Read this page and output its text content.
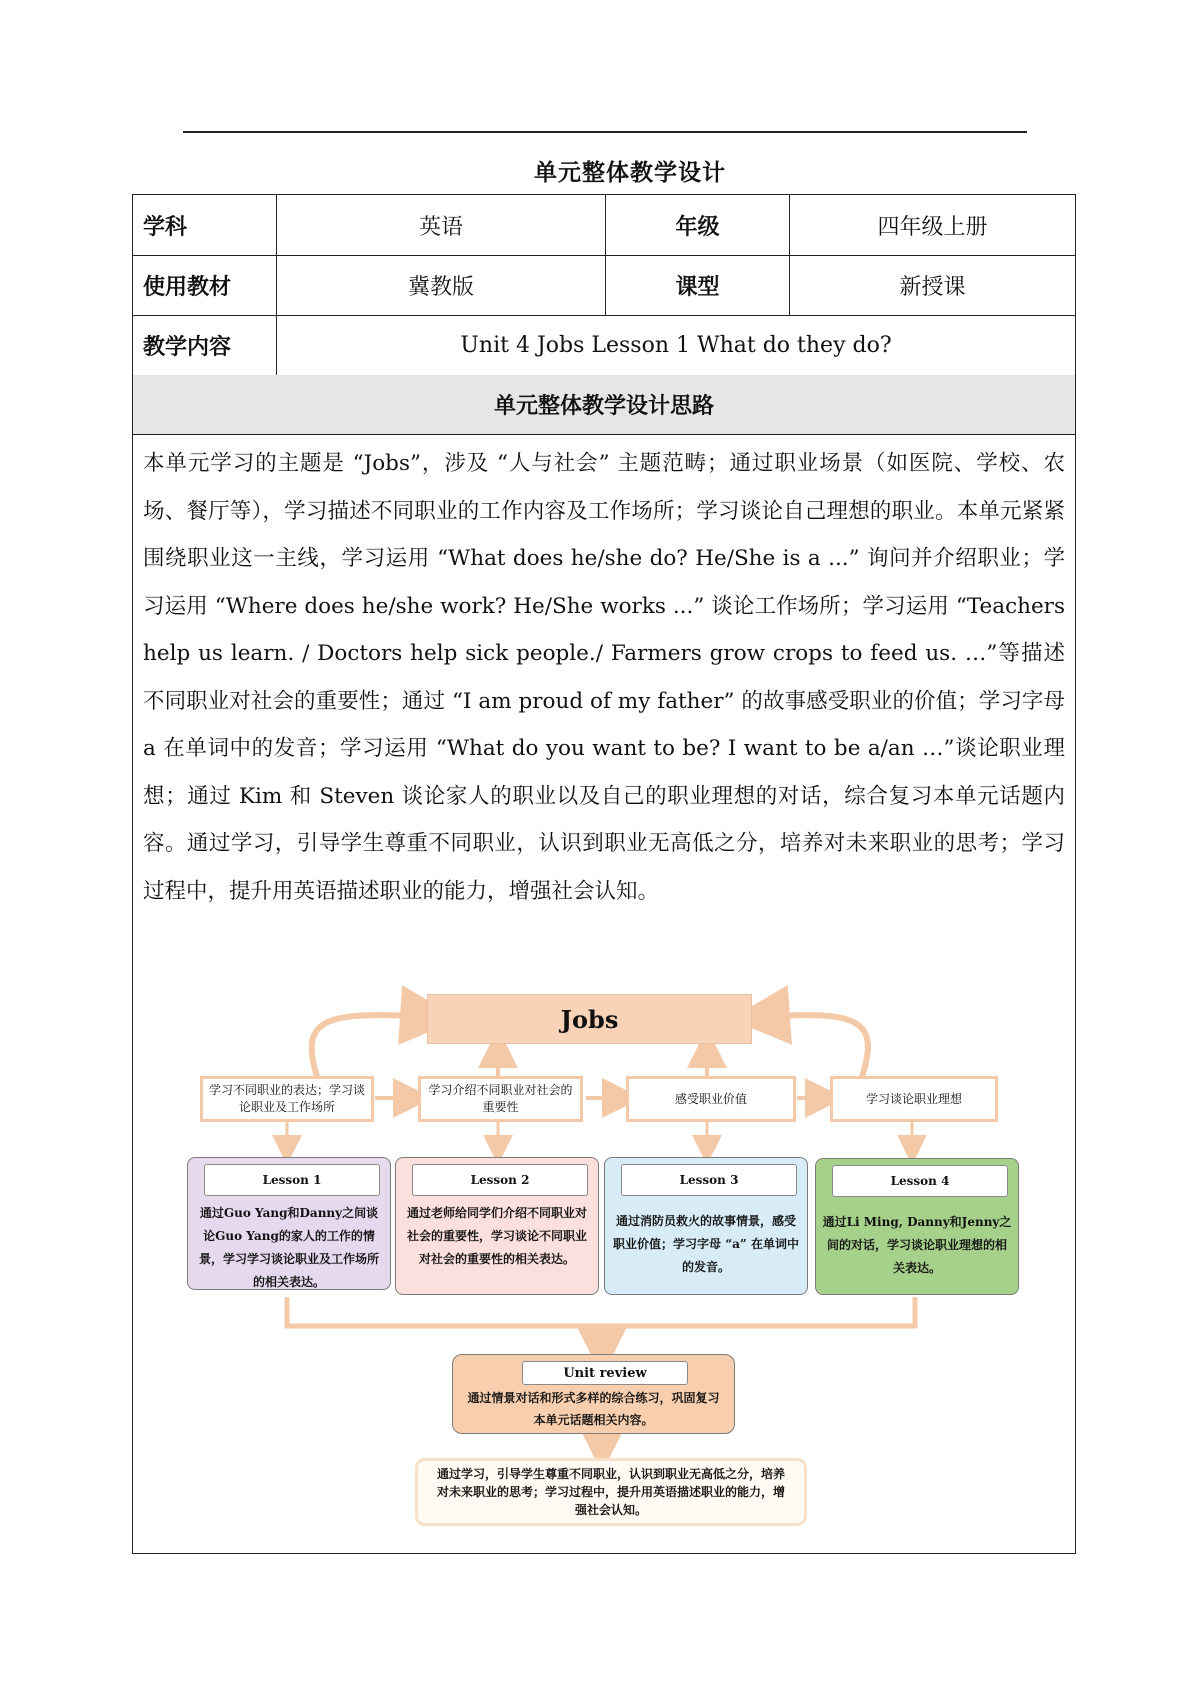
单元整体教学设计
学科	英语	年级	四年级上册
使用教材	冀教版	课型	新授课
教学内容	Unit 4 Jobs Lesson 1 What do they do?
单元整体教学设计思路
本单元学习的主题是 “Jobs”，涉及 “人与社会” 主题范畴；通过职业场景（如医院、学校、农场、餐厅等），学习描述不同职业的工作内容及工作场所；学习谈论自己理想的职业。本单元紧紧围绕职业这一主线，学习运用 “What does he/she do? He/She is a ...” 询问并介绍职业；学习运用 “Where does he/she work? He/She works ...” 谈论工作场所；学习运用 “Teachers help us learn. / Doctors help sick people./ Farmers grow crops to feed us. …”等描述不同职业对社会的重要性；通过 “I am proud of my father” 的故事感受职业的价值；学习字母 a 在单词中的发音；学习运用 “What do you want to be? I want to be a/an …”谈论职业理想；通过 Kim 和 Steven 谈论家人的职业以及自己的职业理想的对话，综合复习本单元话题内容。通过学习，引导学生尊重不同职业，认识到职业无高低之分，培养对未来职业的思考；学习过程中，提升用英语描述职业的能力，增强社会认知。
Jobs
学习不同职业的表达；学习谈论职业及工作场所
学习介绍不同职业对社会的重要性
感受职业价值	学习谈论职业理想
Lesson 1
通过Guo Yang和Danny之间谈论Guo Yang的家人的工作的情景，学习学习谈论职业及工作场所的相关表达。
Lesson 2
通过老师给同学们介绍不同职业对社会的重要性，学习谈论不同职业对社会的重要性的相关表达。
Lesson 3
通过消防员救火的故事情景，感受职业价值；学习字母 “a” 在单词中的发音。
Lesson 4
通过Li Ming, Danny和Jenny之间的对话，学习谈论职业理想的相关表达。
Unit review
通过情景对话和形式多样的综合练习，巩固复习本单元话题相关内容。
通过学习，引导学生尊重不同职业，认识到职业无高低之分，培养对未来职业的思考；学习过程中，提升用英语描述职业的能力，增强社会认知。
